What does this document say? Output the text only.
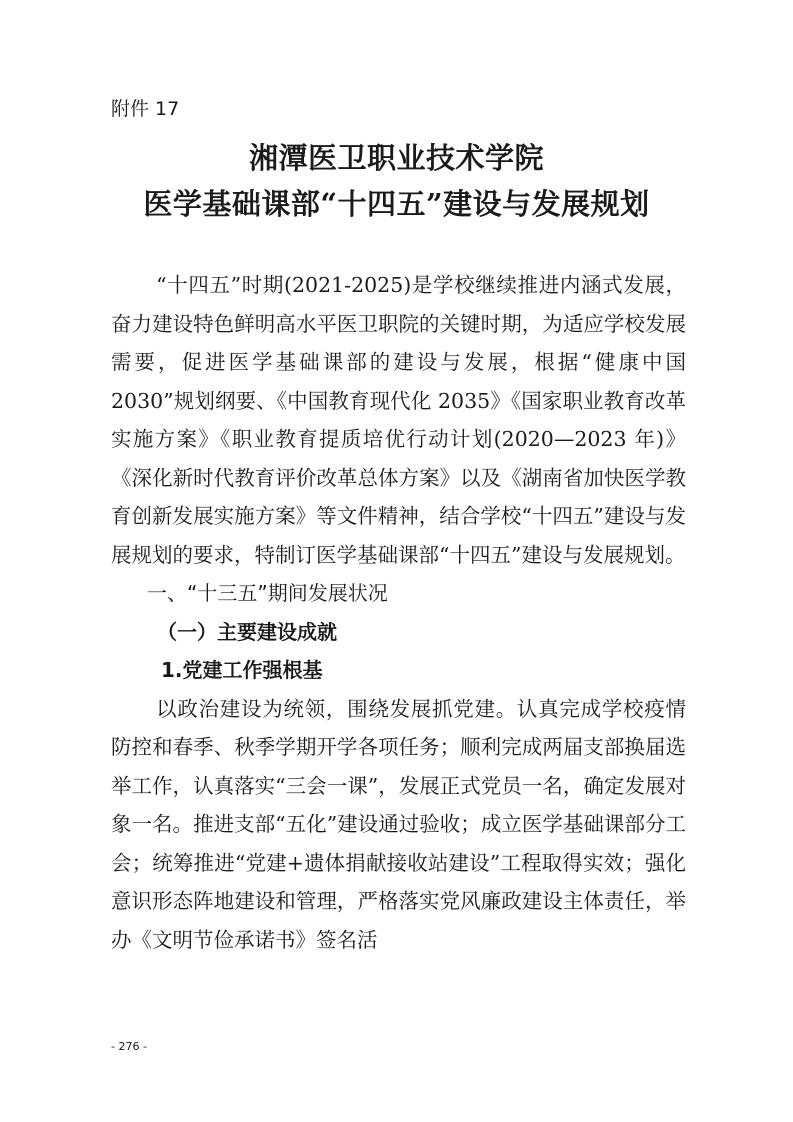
附件 17
湘潭医卫职业技术学院
医学基础课部“十四五”建设与发展规划

“十四五”时期(2021-2025)是学校继续推进内涵式发展，奋力建设特色鲜明高水平医卫职院的关键时期，为适应学校发展需要，促进医学基础课部的建设与发展，根据“健康中国 2030”规划纲要、《中国教育现代化 2035》《国家职业教育改革实施方案》《职业教育提质培优行动计划(2020—2023 年)》《深化新时代教育评价改革总体方案》以及《湖南省加快医学教育创新发展实施方案》等文件精神，结合学校“十四五”建设与发展规划的要求，特制订医学基础课部“十四五”建设与发展规划。

一、“十三五”期间发展状况

（一）主要建设成就

1.党建工作强根基

以政治建设为统领，围绕发展抓党建。认真完成学校疫情防控和春季、秋季学期开学各项任务；顺利完成两届支部换届选举工作，认真落实“三会一课”，发展正式党员一名，确定发展对象一名。推进支部“五化”建设通过验收；成立医学基础课部分工会；统筹推进“党建+遗体捐献接收站建设”工程取得实效；强化意识形态阵地建设和管理，严格落实党风廉政建设主体责任，举办《文明节俭承诺书》签名活

- 276 -
